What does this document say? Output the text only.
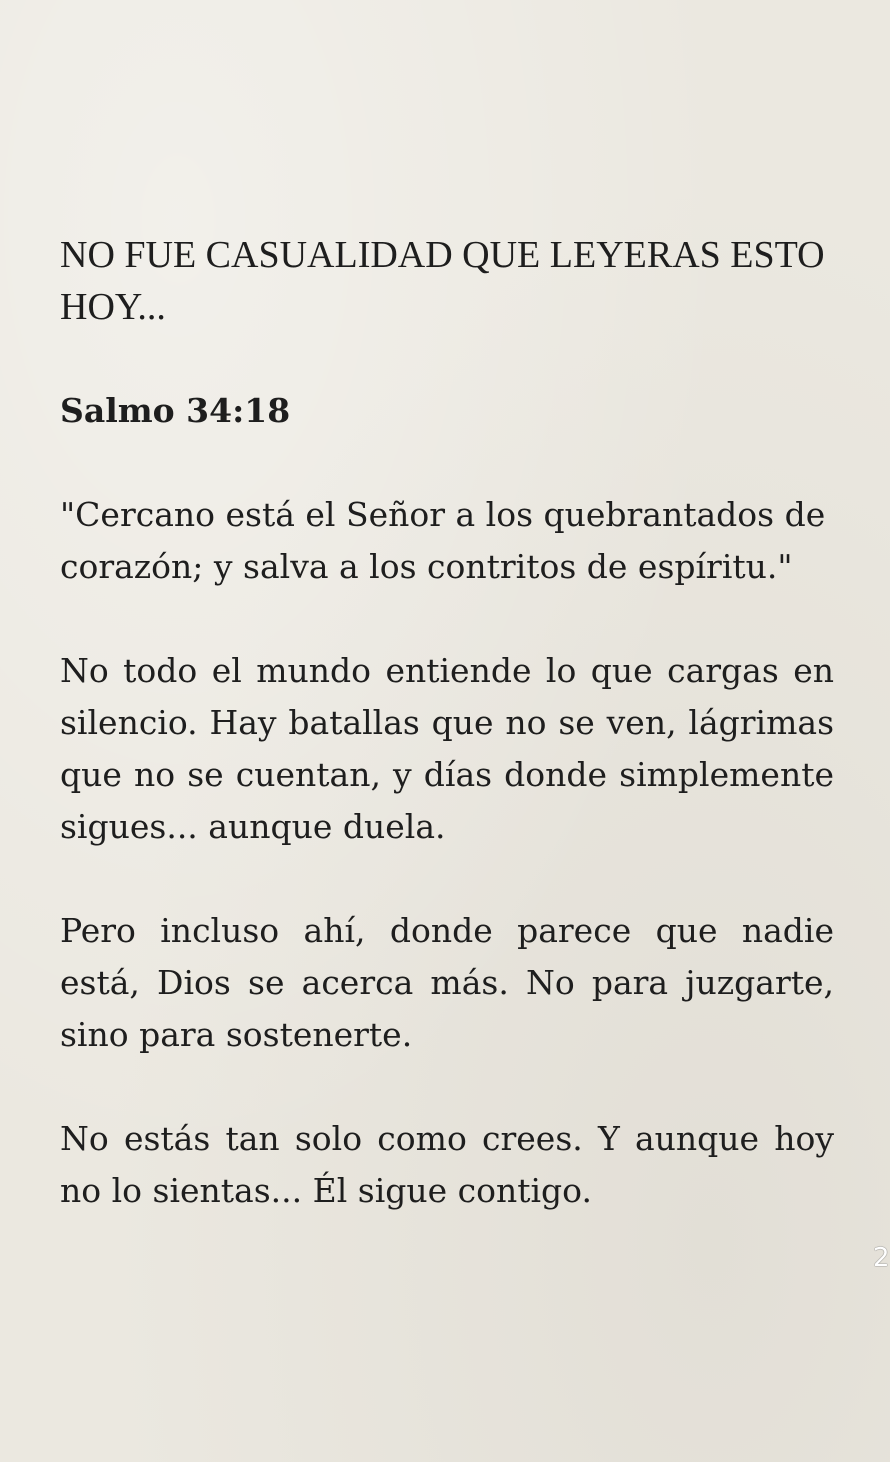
NO FUE CASUALIDAD QUE LEYERAS ESTO HOY...

Salmo 34:18

"Cercano está el Señor a los quebrantados de corazón; y salva a los contritos de espíritu."

No todo el mundo entiende lo que cargas en silencio. Hay batallas que no se ven, lágrimas que no se cuentan, y días donde simplemente sigues... aunque duela.

Pero incluso ahí, donde parece que nadie está, Dios se acerca más. No para juzgarte, sino para sostenerte.

No estás tan solo como crees. Y aunque hoy no lo sientas... Él sigue contigo.

2
